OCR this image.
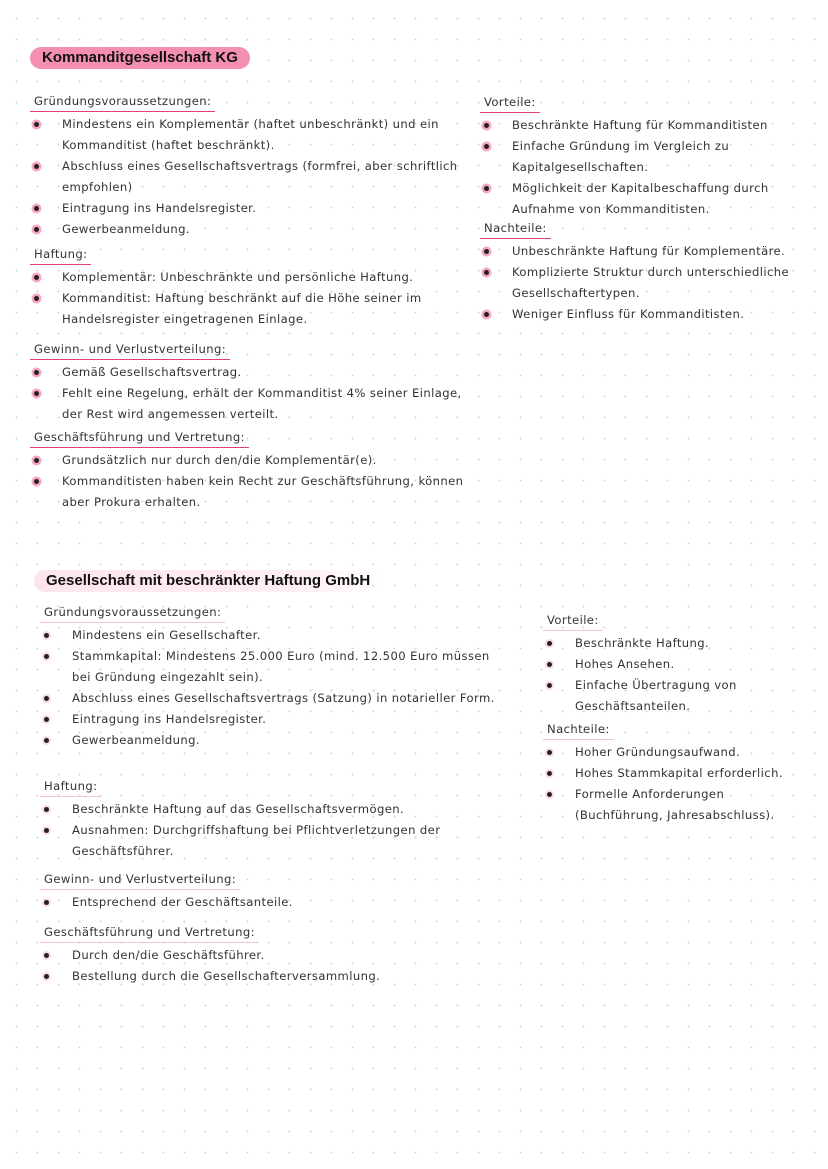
Kommanditgesellschaft KG
Gesellschaft mit beschränkter Haftung GmbH
Gründungsvoraussetzungen:
Mindestens ein Komplementär (haftet unbeschränkt) und ein Kommanditist (haftet beschränkt).
Abschluss eines Gesellschaftsvertrags (formfrei, aber schriftlich empfohlen)
Eintragung ins Handelsregister.
Gewerbeanmeldung.
Haftung:
Komplementär: Unbeschränkte und persönliche Haftung.
Kommanditist: Haftung beschränkt auf die Höhe seiner im Handelsregister eingetragenen Einlage.
Gewinn- und Verlustverteilung:
Gemäß Gesellschaftsvertrag.
Fehlt eine Regelung, erhält der Kommanditist 4% seiner Einlage, der Rest wird angemessen verteilt.
Geschäftsführung und Vertretung:
Grundsätzlich nur durch den/die Komplementär(e).
Kommanditisten haben kein Recht zur Geschäftsführung, können aber Prokura erhalten.
Vorteile:
Beschränkte Haftung für Kommanditisten
Einfache Gründung im Vergleich zu Kapitalgesellschaften.
Möglichkeit der Kapitalbeschaffung durch Aufnahme von Kommanditisten.
Nachteile:
Unbeschränkte Haftung für Komplementäre.
Komplizierte Struktur durch unterschiedliche Gesellschaftertypen.
Weniger Einfluss für Kommanditisten.
Gründungsvoraussetzungen:
Mindestens ein Gesellschafter.
Stammkapital: Mindestens 25.000 Euro (mind. 12.500 Euro müssen bei Gründung eingezahlt sein).
Abschluss eines Gesellschaftsvertrags (Satzung) in notarieller Form.
Eintragung ins Handelsregister.
Gewerbeanmeldung.
Haftung:
Beschränkte Haftung auf das Gesellschaftsvermögen.
Ausnahmen: Durchgriffshaftung bei Pflichtverletzungen der Geschäftsführer.
Gewinn- und Verlustverteilung:
Entsprechend der Geschäftsanteile.
Geschäftsführung und Vertretung:
Durch den/die Geschäftsführer.
Bestellung durch die Gesellschafterversammlung.
Vorteile:
Beschränkte Haftung.
Hohes Ansehen.
Einfache Übertragung von Geschäftsanteilen.
Nachteile:
Hoher Gründungsaufwand.
Hohes Stammkapital erforderlich.
Formelle Anforderungen (Buchführung, Jahresabschluss).
